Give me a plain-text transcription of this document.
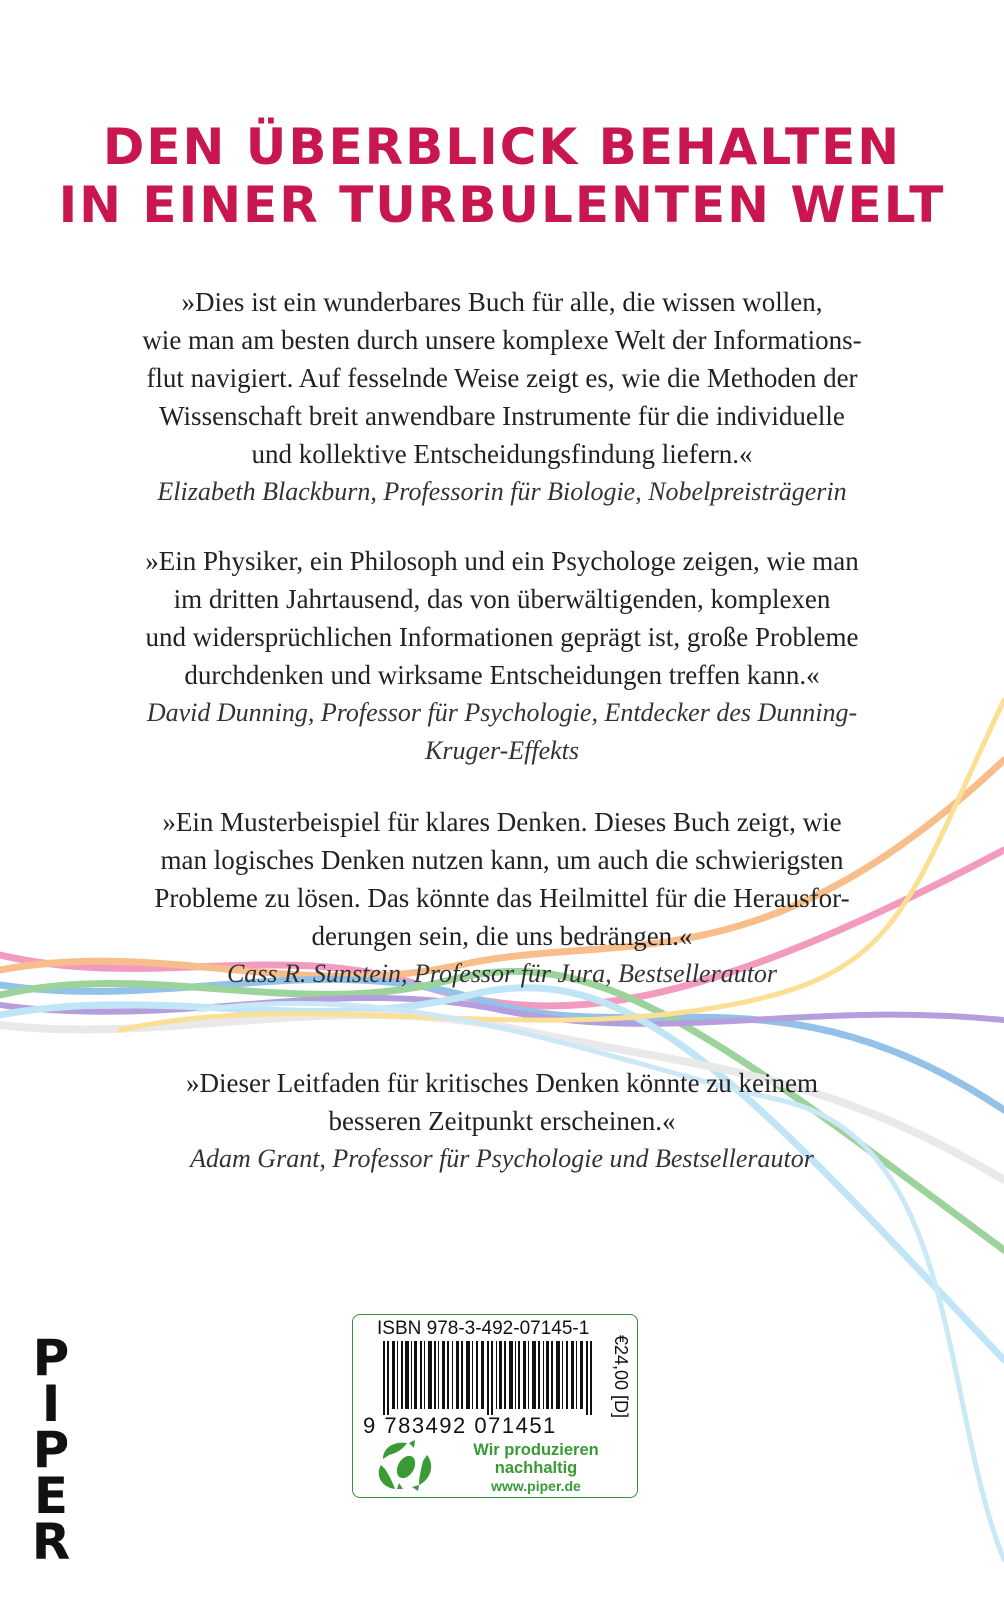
DEN ÜBERBLICK BEHALTEN
IN EINER TURBULENTEN WELT
»Dies ist ein wunderbares Buch für alle, die wissen wollen,
wie man am besten durch unsere komplexe Welt der Informations-
flut navigiert. Auf fesselnde Weise zeigt es, wie die Methoden der
Wissenschaft breit anwendbare Instrumente für die individuelle
und kollektive Entscheidungsfindung liefern.«
Elizabeth Blackburn, Professorin für Biologie, Nobelpreisträgerin
»Ein Physiker, ein Philosoph und ein Psychologe zeigen, wie man
im dritten Jahrtausend, das von überwältigenden, komplexen
und widersprüchlichen Informationen geprägt ist, große Probleme
durchdenken und wirksame Entscheidungen treffen kann.«
David Dunning, Professor für Psychologie, Entdecker des Dunning-
Kruger-Effekts
»Ein Musterbeispiel für klares Denken. Dieses Buch zeigt, wie
man logisches Denken nutzen kann, um auch die schwierigsten
Probleme zu lösen. Das könnte das Heilmittel für die Herausfor-
derungen sein, die uns bedrängen.«
Cass R. Sunstein, Professor für Jura, Bestsellerautor
»Dieser Leitfaden für kritisches Denken könnte zu keinem
besseren Zeitpunkt erscheinen.«
Adam Grant, Professor für Psychologie und Bestsellerautor
P
I
P
E
R
ISBN 978-3-492-07145-1
9 783492 071451
€24,00 [D]
Wir produzieren
nachhaltig
www.piper.de
